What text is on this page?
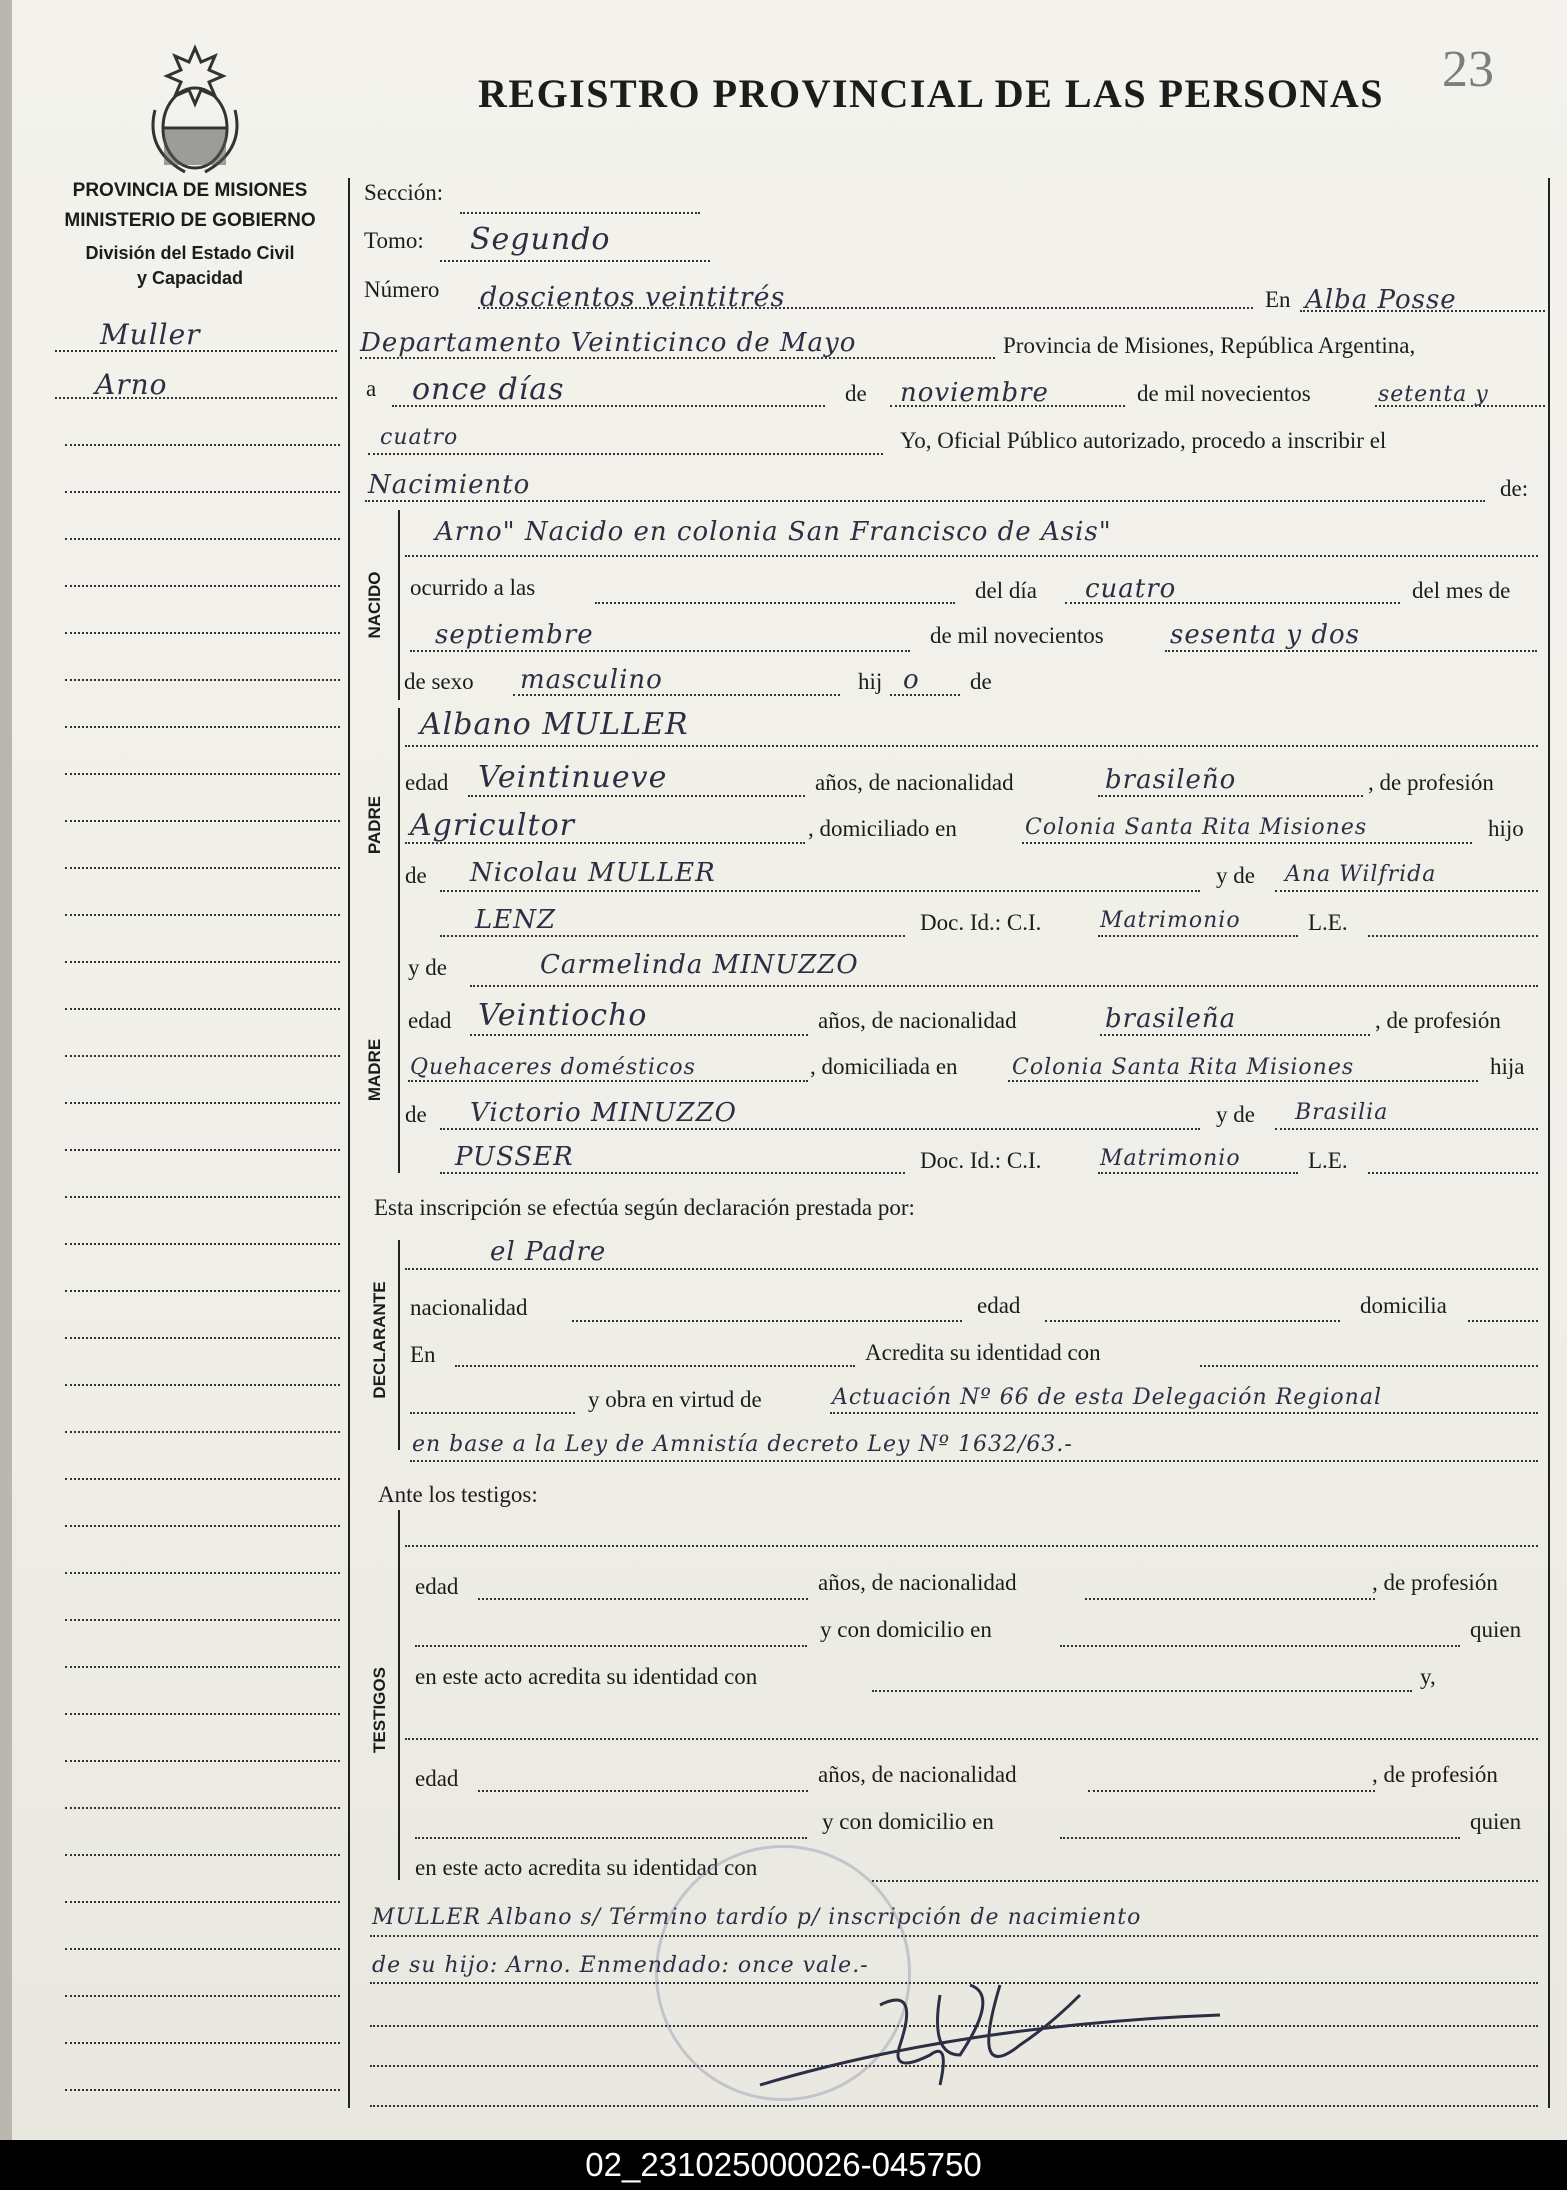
REGISTRO PROVINCIAL DE LAS PERSONAS 23
PROVINCIA DE MISIONES
MINISTERIO DE GOBIERNO
División del Estado Civil
y Capacidad
Muller
Arno
NACIDO
PADRE
MADRE
DECLARANTE
TESTIGOS
Sección:
Tomo: Segundo
Número doscientos veintitrés	En Alba Posse
Departamento Veinticinco de Mayo	Provincia de Misiones, República Argentina,
a once días	de noviembre	de mil novecientos	setenta y
cuatro	Yo, Oficial Público autorizado, procedo a inscribir el
Nacimiento	de:
Arno" Nacido en colonia San Francisco de Asis"
ocurrido a las	del día cuatro	del mes de
septiembre	de mil novecientos	sesenta y dos
de sexo masculino	hij o de
Albano MULLER
edad Veintinueve	años, de nacionalidad	brasileño	, de profesión
Agricultor	, domiciliado en	Colonia Santa Rita Misiones	hijo
de Nicolau MULLER	y de Ana Wilfrida
LENZ	Doc. Id.: C.I.	Matrimonio	L.E.
y de	Carmelinda MINUZZO
edad Veintiocho	años, de nacionalidad	brasileña	, de profesión
Quehaceres domésticos	, domiciliada en Colonia Santa Rita Misiones	hija
de Victorio MINUZZO	y de Brasilia
PUSSER	Doc. Id.: C.I.	Matrimonio	L.E.
Esta inscripción se efectúa según declaración prestada por:
el Padre
nacionalidad	edad	domicilia
En	Acredita su identidad con
y obra en virtud de	Actuación Nº 66 de esta Delegación Regional
en base a la Ley de Amnistía decreto Ley Nº 1632/63.-
Ante los testigos:
edad	años, de nacionalidad	, de profesión
y con domicilio en	quien
en este acto acredita su identidad con	y,
edad	años, de nacionalidad	, de profesión
y con domicilio en	quien
en este acto acredita su identidad con
MULLER Albano s/ Término tardío p/ inscripción de nacimiento
de su hijo: Arno. Enmendado: once vale.-
02_231025000026-045750
